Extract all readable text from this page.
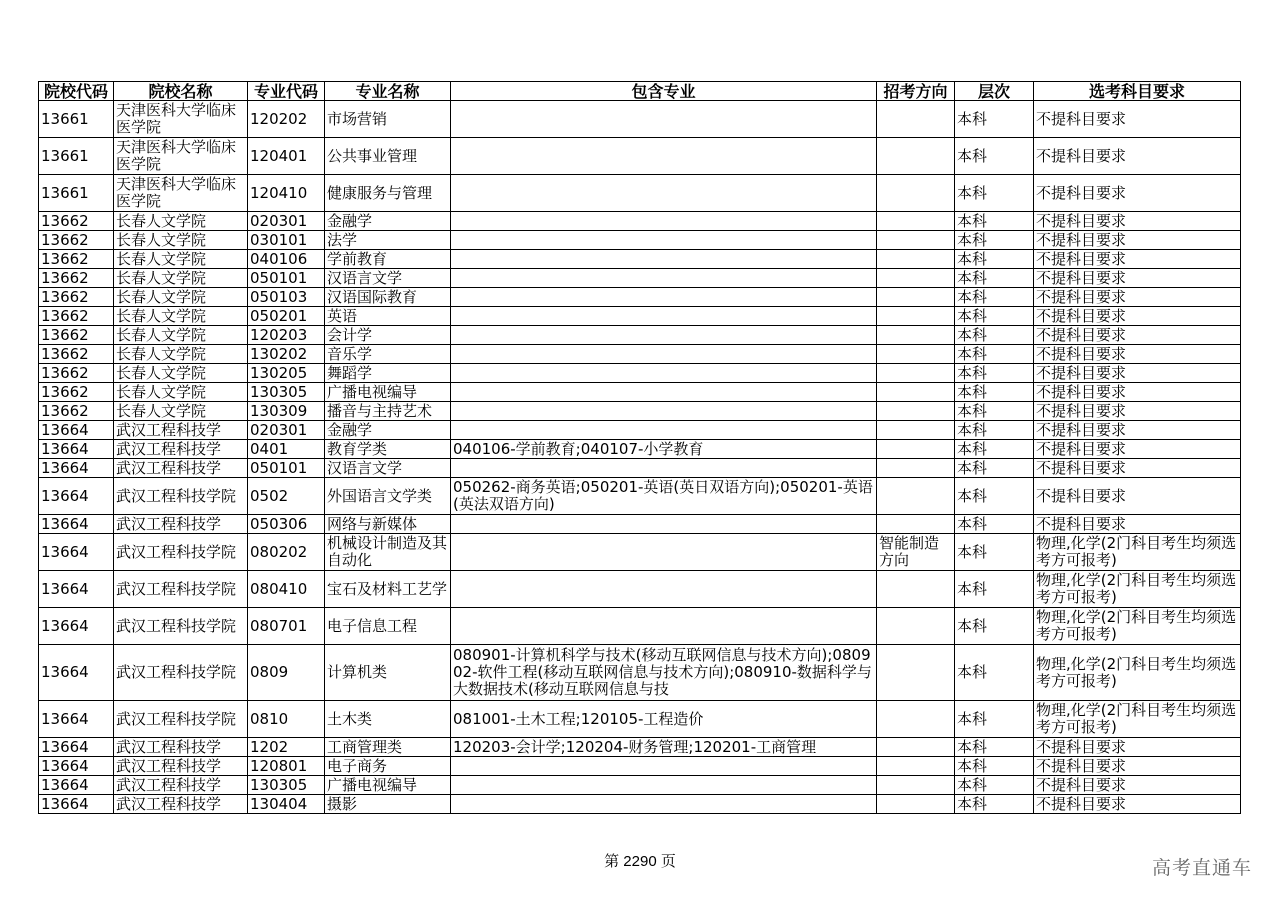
院校代码	院校名称	专业代码	专业名称	包含专业	招考方向	层次	选考科目要求
13661	天津医科大学临床医学院	120202	市场营销			本科	不提科目要求
13661	天津医科大学临床医学院	120401	公共事业管理			本科	不提科目要求
13661	天津医科大学临床医学院	120410	健康服务与管理			本科	不提科目要求
13662	长春人文学院	020301	金融学			本科	不提科目要求
13662	长春人文学院	030101	法学			本科	不提科目要求
13662	长春人文学院	040106	学前教育			本科	不提科目要求
13662	长春人文学院	050101	汉语言文学			本科	不提科目要求
13662	长春人文学院	050103	汉语国际教育			本科	不提科目要求
13662	长春人文学院	050201	英语			本科	不提科目要求
13662	长春人文学院	120203	会计学			本科	不提科目要求
13662	长春人文学院	130202	音乐学			本科	不提科目要求
13662	长春人文学院	130205	舞蹈学			本科	不提科目要求
13662	长春人文学院	130305	广播电视编导			本科	不提科目要求
13662	长春人文学院	130309	播音与主持艺术			本科	不提科目要求
13664	武汉工程科技学	020301	金融学			本科	不提科目要求
13664	武汉工程科技学	0401	教育学类	040106-学前教育;040107-小学教育		本科	不提科目要求
13664	武汉工程科技学	050101	汉语言文学			本科	不提科目要求
13664	武汉工程科技学院	0502	外国语言文学类	050262-商务英语;050201-英语(英日双语方向);050201-英语(英法双语方向)		本科	不提科目要求
13664	武汉工程科技学	050306	网络与新媒体			本科	不提科目要求
13664	武汉工程科技学院	080202	机械设计制造及其自动化		智能制造方向	本科	物理,化学(2门科目考生均须选考方可报考)
13664	武汉工程科技学院	080410	宝石及材料工艺学			本科	物理,化学(2门科目考生均须选考方可报考)
13664	武汉工程科技学院	080701	电子信息工程			本科	物理,化学(2门科目考生均须选考方可报考)
13664	武汉工程科技学院	0809	计算机类	080901-计算机科学与技术(移动互联网信息与技术方向);080902-软件工程(移动互联网信息与技术方向);080910-数据科学与大数据技术(移动互联网信息与技		本科	物理,化学(2门科目考生均须选考方可报考)
13664	武汉工程科技学院	0810	土木类	081001-土木工程;120105-工程造价		本科	物理,化学(2门科目考生均须选考方可报考)
13664	武汉工程科技学	1202	工商管理类	120203-会计学;120204-财务管理;120201-工商管理		本科	不提科目要求
13664	武汉工程科技学	120801	电子商务			本科	不提科目要求
13664	武汉工程科技学	130305	广播电视编导			本科	不提科目要求
13664	武汉工程科技学	130404	摄影			本科	不提科目要求
第 2290 页	高考直通车
